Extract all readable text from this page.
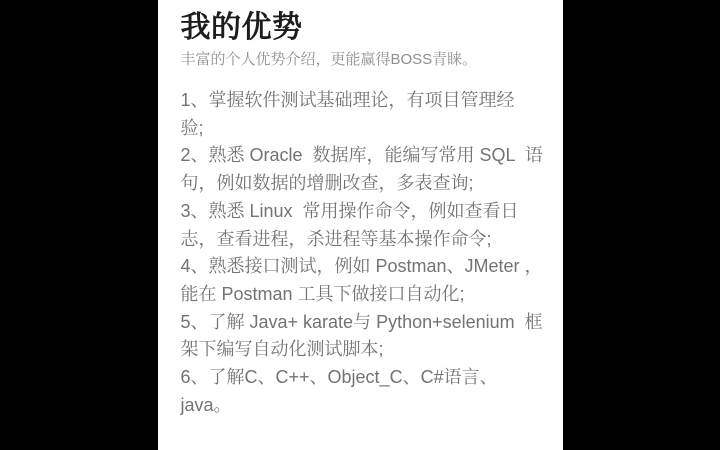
我的优势

丰富的个人优势介绍，更能赢得BOSS青睐。

1、掌握软件测试基础理论，有项目管理经
验;
2、熟悉 Oracle  数据库，能编写常用 SQL  语
句，例如数据的增删改查，多表查询;
3、熟悉 Linux  常用操作命令，例如查看日
志，查看进程，杀进程等基本操作命令;
4、熟悉接口测试，例如 Postman、JMeter ，
能在 Postman 工具下做接口自动化;
5、了解 Java+ karate与 Python+selenium  框
架下编写自动化测试脚本;
6、了解C、C++、Object_C、C#语言、
java。
